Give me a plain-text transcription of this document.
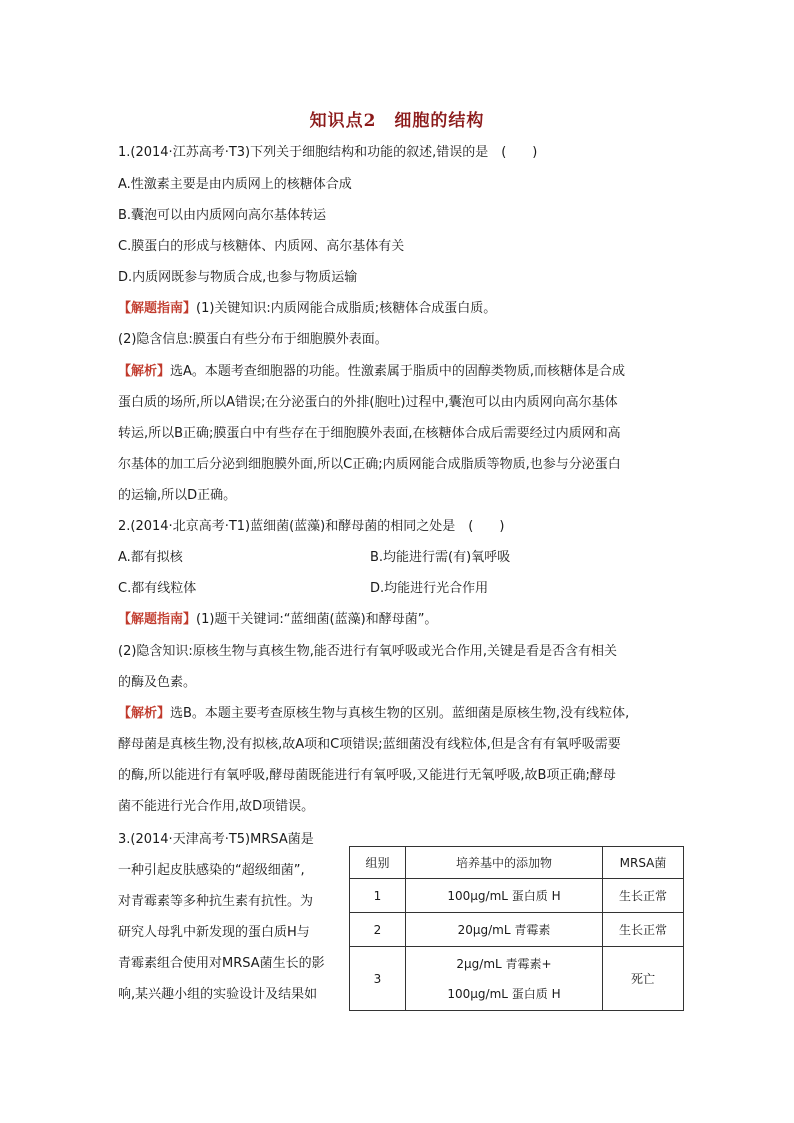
知识点2　细胞的结构
1.(2014·江苏高考·T3)下列关于细胞结构和功能的叙述,错误的是　(　　)
A.性激素主要是由内质网上的核糖体合成
B.囊泡可以由内质网向高尔基体转运
C.膜蛋白的形成与核糖体、内质网、高尔基体有关
D.内质网既参与物质合成,也参与物质运输
【解题指南】(1)关键知识:内质网能合成脂质;核糖体合成蛋白质。
(2)隐含信息:膜蛋白有些分布于细胞膜外表面。
【解析】选A。本题考查细胞器的功能。性激素属于脂质中的固醇类物质,而核糖体是合成
蛋白质的场所,所以A错误;在分泌蛋白的外排(胞吐)过程中,囊泡可以由内质网向高尔基体
转运,所以B正确;膜蛋白中有些存在于细胞膜外表面,在核糖体合成后需要经过内质网和高
尔基体的加工后分泌到细胞膜外面,所以C正确;内质网能合成脂质等物质,也参与分泌蛋白
的运输,所以D正确。
2.(2014·北京高考·T1)蓝细菌(蓝藻)和酵母菌的相同之处是　(　　)
A.都有拟核	B.均能进行需(有)氧呼吸
C.都有线粒体	D.均能进行光合作用
【解题指南】(1)题干关键词:“蓝细菌(蓝藻)和酵母菌”。
(2)隐含知识:原核生物与真核生物,能否进行有氧呼吸或光合作用,关键是看是否含有相关
的酶及色素。
【解析】选B。本题主要考查原核生物与真核生物的区别。蓝细菌是原核生物,没有线粒体,
酵母菌是真核生物,没有拟核,故A项和C项错误;蓝细菌没有线粒体,但是含有有氧呼吸需要
的酶,所以能进行有氧呼吸,酵母菌既能进行有氧呼吸,又能进行无氧呼吸,故B项正确;酵母
菌不能进行光合作用,故D项错误。
3.(2014·天津高考·T5)MRSA菌是
一种引起皮肤感染的“超级细菌”,
对青霉素等多种抗生素有抗性。为
研究人母乳中新发现的蛋白质H与
青霉素组合使用对MRSA菌生长的影
响,某兴趣小组的实验设计及结果如
组别	培养基中的添加物	MRSA菌
1	100μg/mL 蛋白质 H	生长正常
2	20μg/mL 青霉素	生长正常
3	2μg/mL 青霉素+
100μg/mL 蛋白质 H	死亡
